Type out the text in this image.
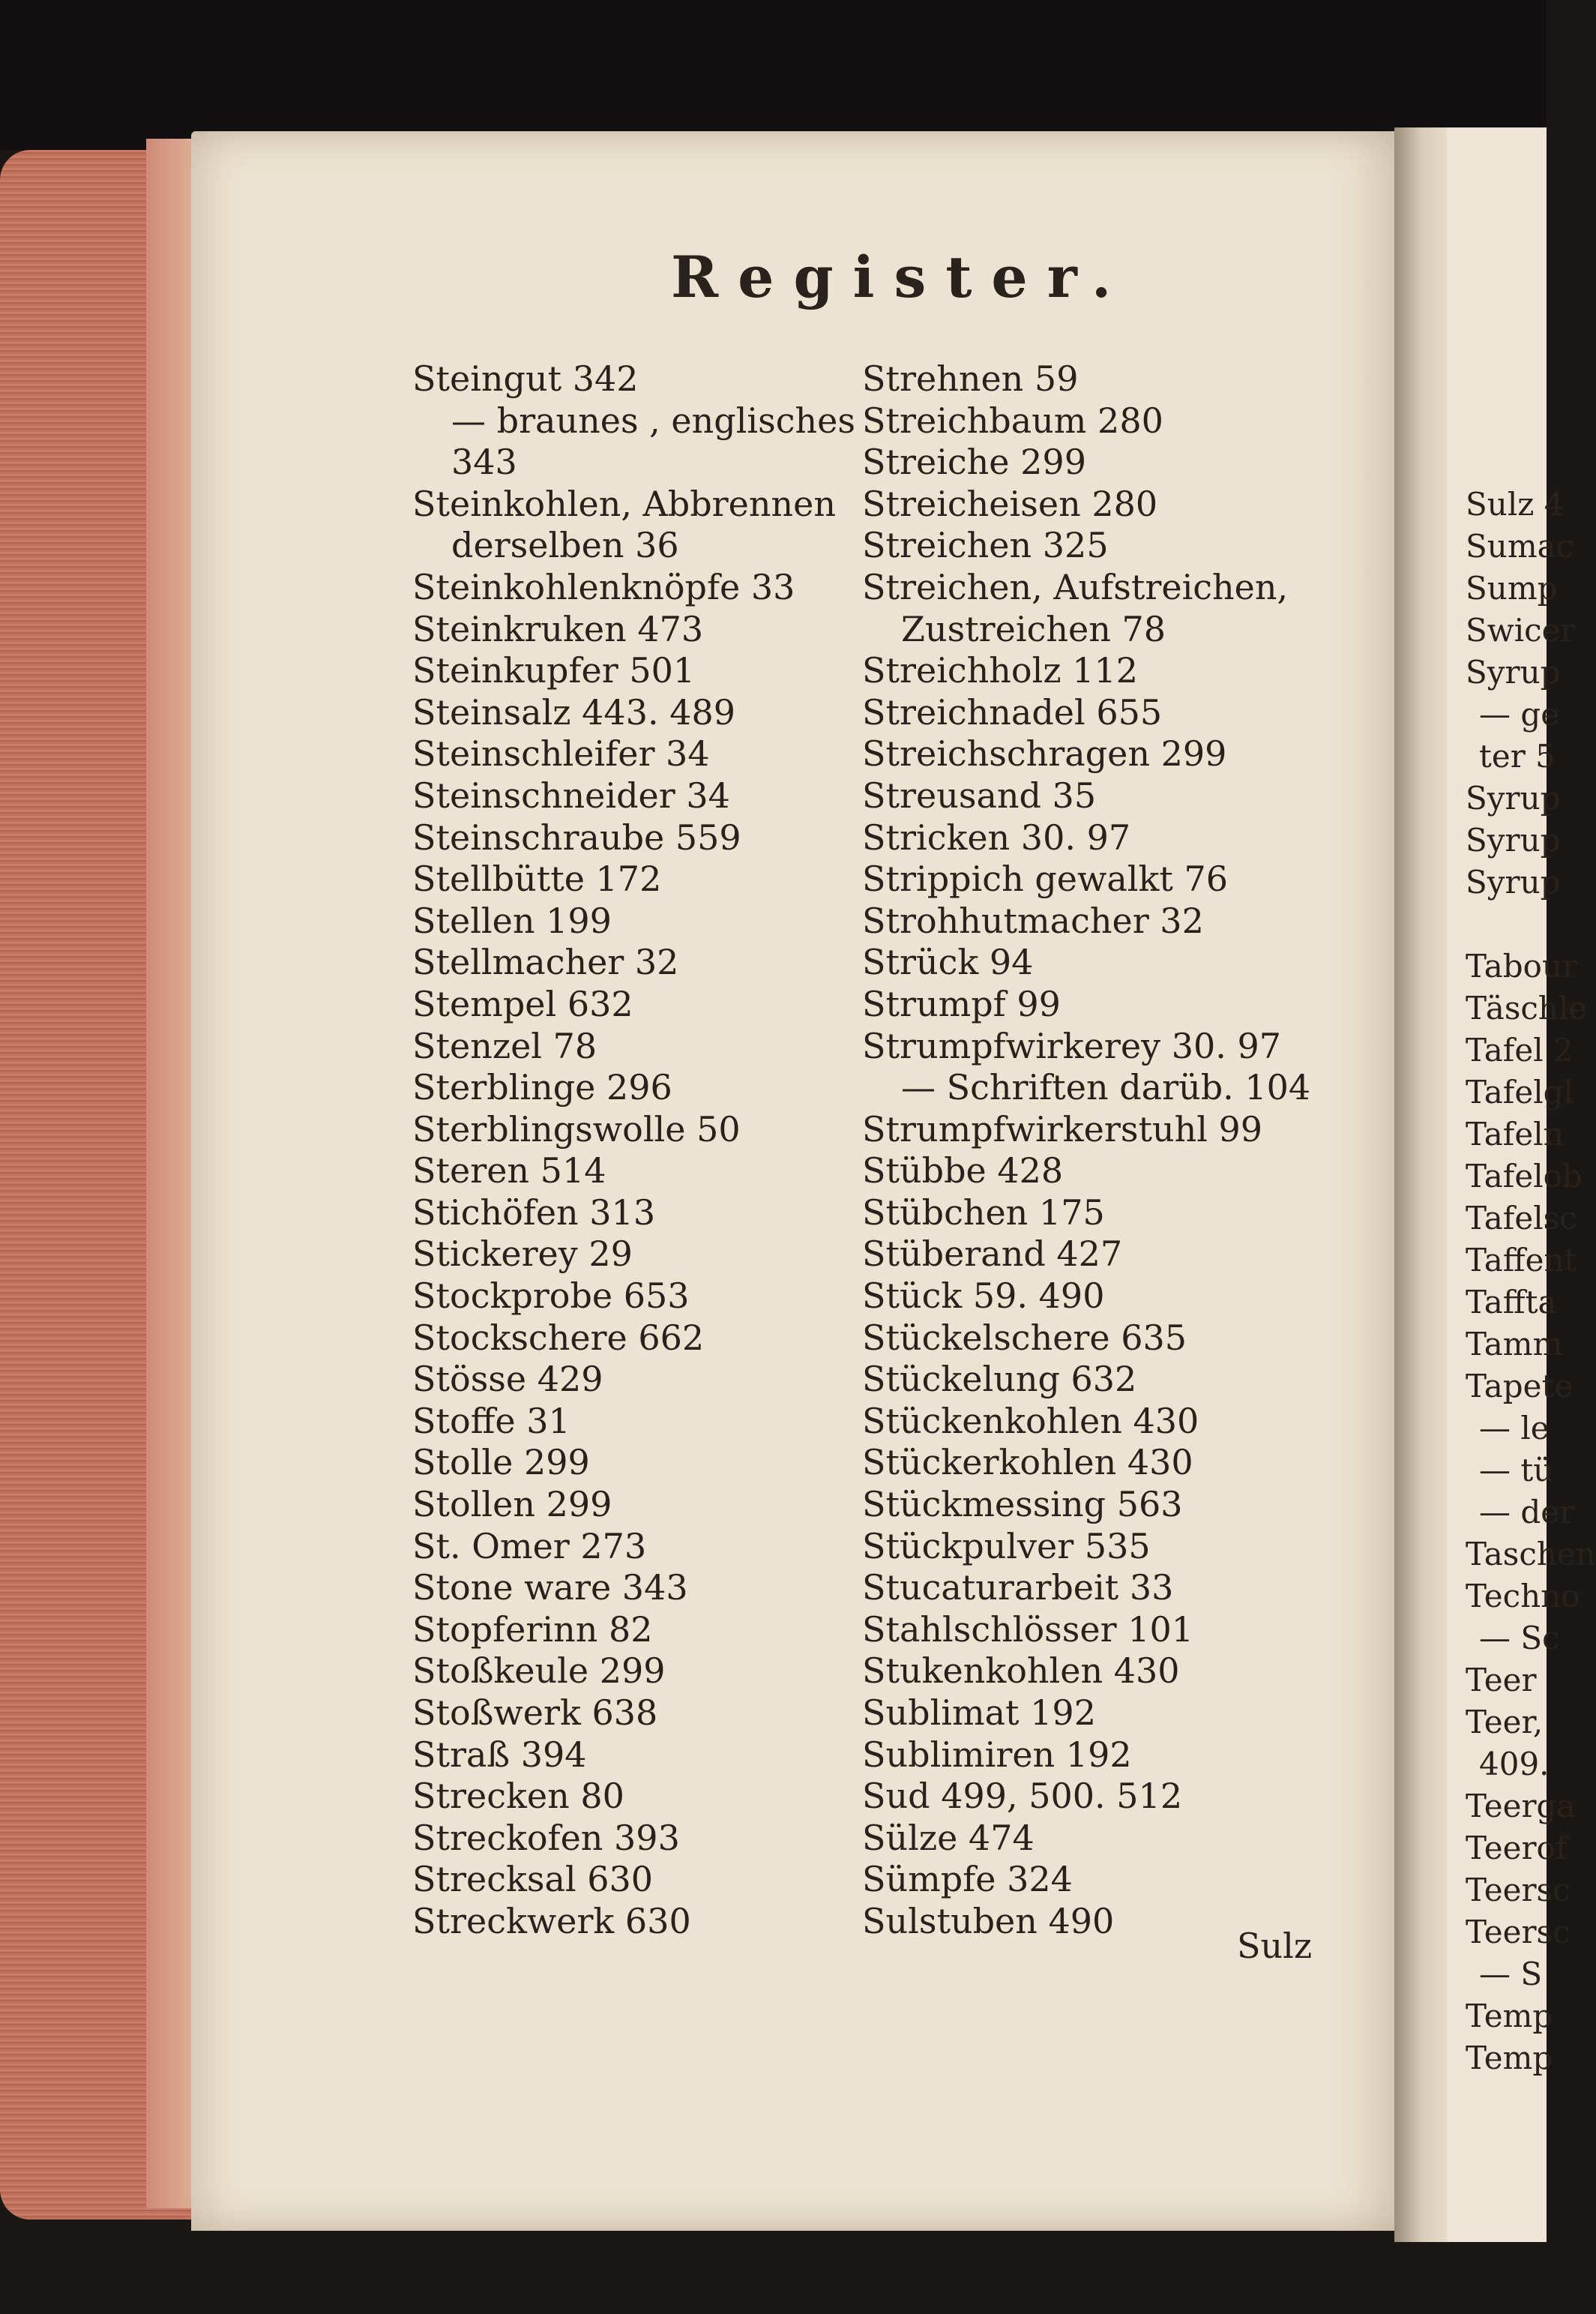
Register.
Steingut 342
— braunes , englisches
343
Steinkohlen, Abbrennen
derselben 36
Steinkohlenknöpfe 33
Steinkruken 473
Steinkupfer 501
Steinsalz 443. 489
Steinschleifer 34
Steinschneider 34
Steinschraube 559
Stellbütte 172
Stellen 199
Stellmacher 32
Stempel 632
Stenzel 78
Sterblinge 296
Sterblingswolle 50
Steren 514
Stichöfen 313
Stickerey 29
Stockprobe 653
Stockschere 662
Stösse 429
Stoffe 31
Stolle 299
Stollen 299
St. Omer 273
Stone ware 343
Stopferinn 82
Stoßkeule 299
Stoßwerk 638
Straß 394
Strecken 80
Streckofen 393
Strecksal 630
Streckwerk 630
Strehnen 59
Streichbaum 280
Streiche 299
Streicheisen 280
Streichen 325
Streichen, Aufstreichen,
Zustreichen 78
Streichholz 112
Streichnadel 655
Streichschragen 299
Streusand 35
Stricken 30. 97
Strippich gewalkt 76
Strohhutmacher 32
Strück 94
Strumpf 99
Strumpfwirkerey 30. 97
— Schriften darüb. 104
Strumpfwirkerstuhl 99
Stübbe 428
Stübchen 175
Stüberand 427
Stück 59. 490
Stückelschere 635
Stückelung 632
Stückenkohlen 430
Stückerkohlen 430
Stückmessing 563
Stückpulver 535
Stucaturarbeit 33
Stahlschlösser 101
Stukenkohlen 430
Sublimat 192
Sublimiren 192
Sud 499, 500. 512
Sülze 474
Sümpfe 324
Sulstuben 490
Sulz
Sulz 4
Sumac
Sump
Swicer
Syrup
— ge
ter 5
Syrup
Syrup
Syrup
Tabour
Täschle
Tafel 2
Tafelgl
Tafeln
Tafelob
Tafelsc
Taffent
Taffta
Tamm
Tapete
— le
— tü
— der
Taschen
Techno
— Sc
Teer
Teer,
409.
Teerga
Teerof
Teersc
Teersc
— S
Temp
Temp
